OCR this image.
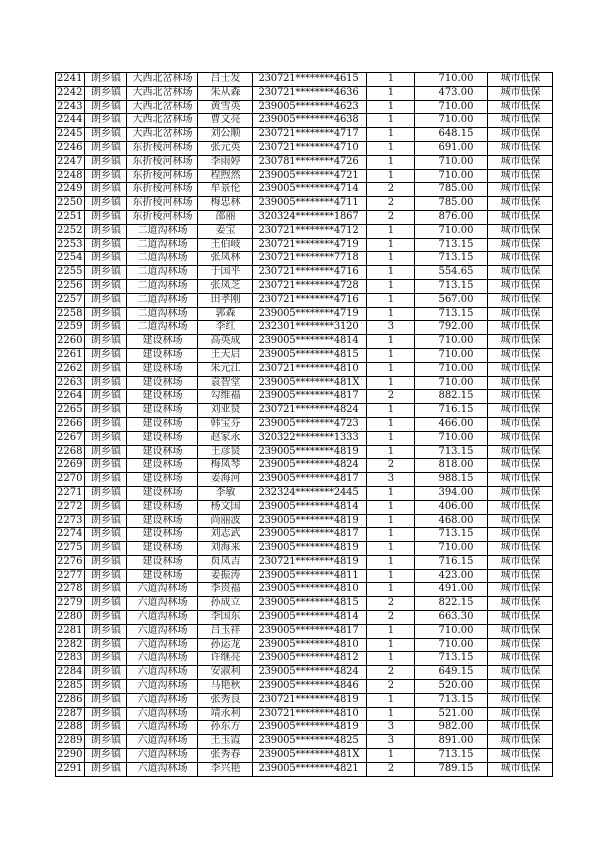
2241	朗乡镇	大西北岔林场	吕士发	230721********4615	1	710.00	城市低保
2242	朗乡镇	大西北岔林场	朱从森	230721********4636	1	473.00	城市低保
2243	朗乡镇	大西北岔林场	黄雪英	239005********4623	1	710.00	城市低保
2244	朗乡镇	大西北岔林场	曹文亮	239005********4638	1	710.00	城市低保
2245	朗乡镇	大西北岔林场	刘公顺	230721********4717	1	648.15	城市低保
2246	朗乡镇	东折棱河林场	张元英	230721********4710	1	691.00	城市低保
2247	朗乡镇	东折棱河林场	李雨婷	230781********4726	1	710.00	城市低保
2248	朗乡镇	东折棱河林场	程煦然	239005********4721	1	710.00	城市低保
2249	朗乡镇	东折棱河林场	牟景伦	239005********4714	2	785.00	城市低保
2250	朗乡镇	东折棱河林场	梅忠林	239005********4711	2	785.00	城市低保
2251	朗乡镇	东折棱河林场	邵丽	320324********1867	2	876.00	城市低保
2252	朗乡镇	二道沟林场	姜宝	230721********4712	1	710.00	城市低保
2253	朗乡镇	二道沟林场	王伯岐	230721********4719	1	713.15	城市低保
2254	朗乡镇	二道沟林场	张凤林	230721********7718	1	713.15	城市低保
2255	朗乡镇	二道沟林场	于国平	230721********4716	1	554.65	城市低保
2256	朗乡镇	二道沟林场	张凤芝	230721********4728	1	713.15	城市低保
2257	朗乡镇	二道沟林场	田孝刚	230721********4716	1	567.00	城市低保
2258	朗乡镇	二道沟林场	郭森	239005********4719	1	713.15	城市低保
2259	朗乡镇	二道沟林场	李红	232301********3120	3	792.00	城市低保
2260	朗乡镇	建设林场	高英成	239005********4814	1	710.00	城市低保
2261	朗乡镇	建设林场	王天启	239005********4815	1	710.00	城市低保
2262	朗乡镇	建设林场	朱元江	230721********4810	1	710.00	城市低保
2263	朗乡镇	建设林场	袁智堂	239005********481X	1	710.00	城市低保
2264	朗乡镇	建设林场	勾维福	239005********4817	2	882.15	城市低保
2265	朗乡镇	建设林场	刘亚贤	230721********4824	1	716.15	城市低保
2266	朗乡镇	建设林场	韩宝芬	239005********4723	1	466.00	城市低保
2267	朗乡镇	建设林场	赵家永	320322********1333	1	710.00	城市低保
2268	朗乡镇	建设林场	王彦贤	239005********4819	1	713.15	城市低保
2269	朗乡镇	建设林场	梅凤琴	239005********4824	2	818.00	城市低保
2270	朗乡镇	建设林场	姜海河	239005********4817	3	988.15	城市低保
2271	朗乡镇	建设林场	李敏	232324********2445	1	394.00	城市低保
2272	朗乡镇	建设林场	杨文国	239005********4814	1	406.00	城市低保
2273	朗乡镇	建设林场	尚丽波	239005********4819	1	468.00	城市低保
2274	朗乡镇	建设林场	刘志武	239005********4817	1	713.15	城市低保
2275	朗乡镇	建设林场	刘海来	239005********4819	1	710.00	城市低保
2276	朗乡镇	建设林场	贠凤吉	230721********4819	1	716.15	城市低保
2277	朗乡镇	建设林场	姜振涛	239005********4811	1	423.00	城市低保
2278	朗乡镇	六道沟林场	李贵福	239005********4810	1	491.00	城市低保
2279	朗乡镇	六道沟林场	孙成立	239005********4815	2	822.15	城市低保
2280	朗乡镇	六道沟林场	李国东	239005********4814	2	663.30	城市低保
2281	朗乡镇	六道沟林场	吕玉祥	239005********4817	1	710.00	城市低保
2282	朗乡镇	六道沟林场	孙运龙	239005********4810	1	710.00	城市低保
2283	朗乡镇	六道沟林场	许继亮	239005********4812	1	713.15	城市低保
2284	朗乡镇	六道沟林场	安淑利	239005********4824	2	649.15	城市低保
2285	朗乡镇	六道沟林场	马艳秋	239005********4846	2	520.00	城市低保
2286	朗乡镇	六道沟林场	张秀良	230721********4819	1	713.15	城市低保
2287	朗乡镇	六道沟林场	靖永利	230721********4810	1	521.00	城市低保
2288	朗乡镇	六道沟林场	孙东方	239005********4819	3	982.00	城市低保
2289	朗乡镇	六道沟林场	王玉霞	239005********4825	3	891.00	城市低保
2290	朗乡镇	六道沟林场	张秀春	239005********481X	1	713.15	城市低保
2291	朗乡镇	六道沟林场	李兴艳	239005********4821	2	789.15	城市低保
